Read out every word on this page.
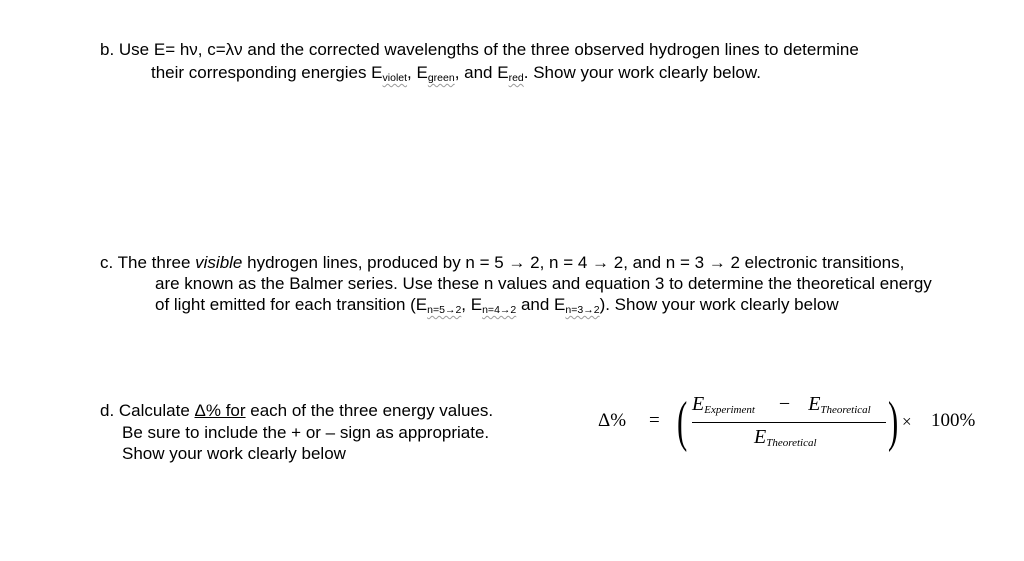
b. Use E= hν, c=λν and the corrected wavelengths of the three observed hydrogen lines to determine
their corresponding energies $E_{violet}$, $E_{green}$, and $E_{red}$. Show your work clearly below.
c. The three visible hydrogen lines, produced by n = 5 → 2, n = 4 → 2, and n = 3 → 2 electronic transitions,
are known as the Balmer series. Use these n values and equation 3 to determine the theoretical energy
of light emitted for each transition ($E_{n=5\to 2}$, $E_{n=4\to 2}$ and $E_{n=3\to 2}$). Show your work clearly below
d. Calculate Δ% for each of the three energy values.
Be sure to include the + or – sign as appropriate.
Show your work clearly below
Δ% = ( EExperiment − ETheoretical
ETheoretical ) × 100%
